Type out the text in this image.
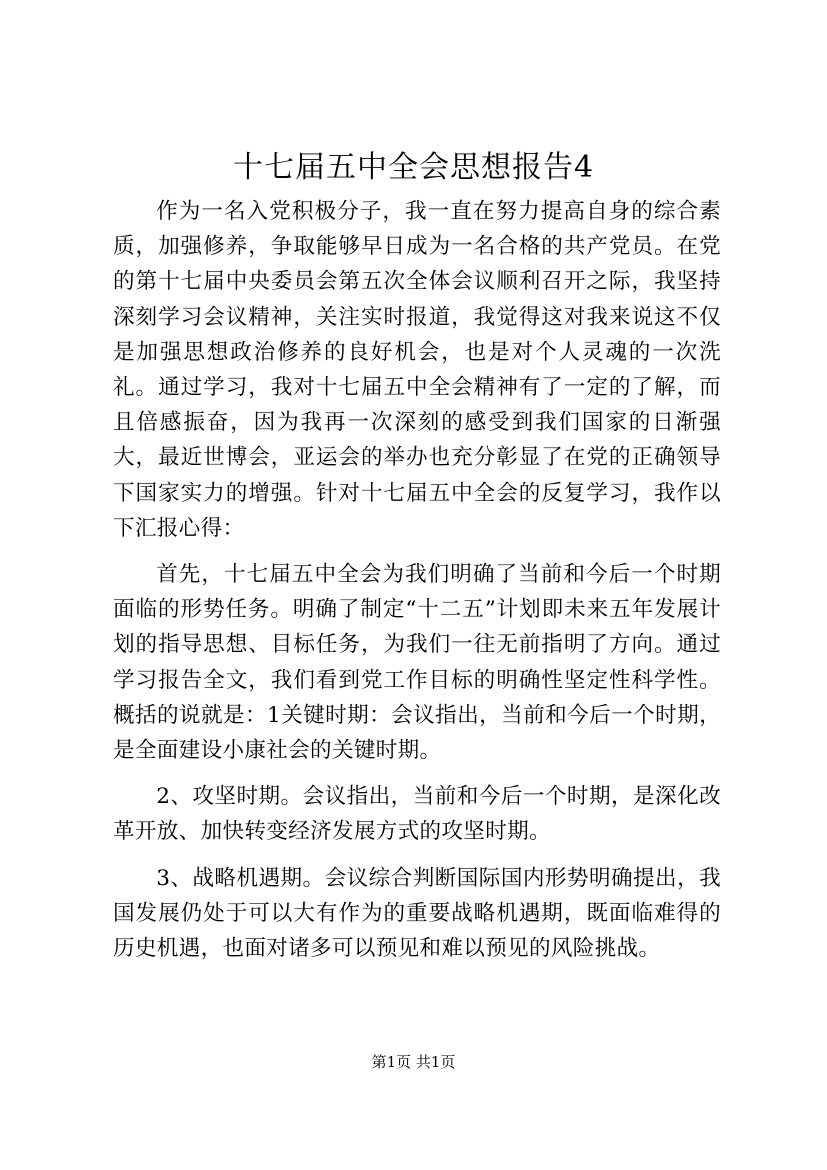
十七届五中全会思想报告4

作为一名入党积极分子，我一直在努力提高自身的综合素质，加强修养，争取能够早日成为一名合格的共产党员。在党的第十七届中央委员会第五次全体会议顺利召开之际，我坚持深刻学习会议精神，关注实时报道，我觉得这对我来说这不仅是加强思想政治修养的良好机会，也是对个人灵魂的一次洗礼。通过学习，我对十七届五中全会精神有了一定的了解，而且倍感振奋，因为我再一次深刻的感受到我们国家的日渐强大，最近世博会，亚运会的举办也充分彰显了在党的正确领导下国家实力的增强。针对十七届五中全会的反复学习，我作以下汇报心得：

首先，十七届五中全会为我们明确了当前和今后一个时期面临的形势任务。明确了制定“十二五”计划即未来五年发展计划的指导思想、目标任务，为我们一往无前指明了方向。通过学习报告全文，我们看到党工作目标的明确性坚定性科学性。概括的说就是：1关键时期：会议指出，当前和今后一个时期，是全面建设小康社会的关键时期。

2、攻坚时期。会议指出，当前和今后一个时期，是深化改革开放、加快转变经济发展方式的攻坚时期。

3、战略机遇期。会议综合判断国际国内形势明确提出，我国发展仍处于可以大有作为的重要战略机遇期，既面临难得的历史机遇，也面对诸多可以预见和难以预见的风险挑战。

第1页 共1页
